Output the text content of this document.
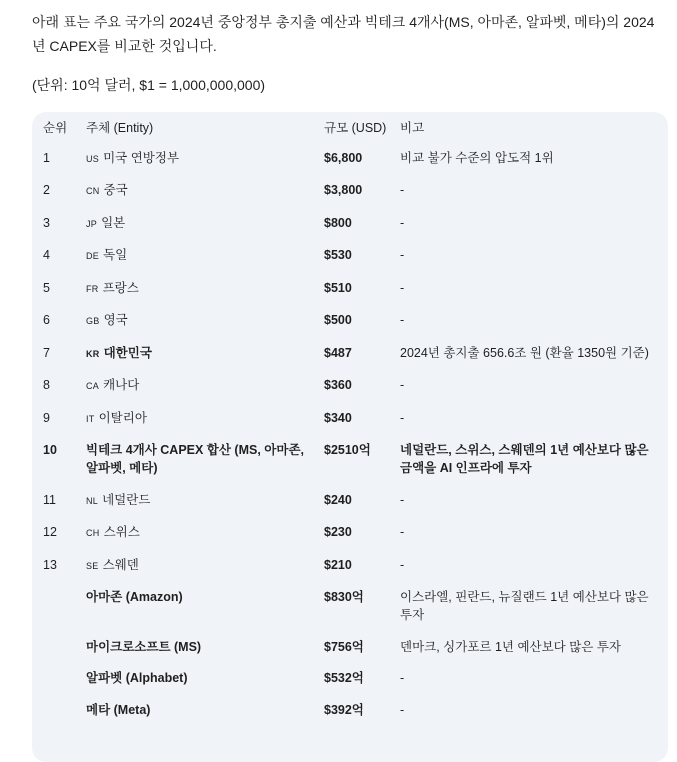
아래 표는 주요 국가의 2024년 중앙정부 총지출 예산과 빅테크 4개사(MS, 아마존, 알파벳, 메타)의 2024년 CAPEX를 비교한 것입니다.

(단위: 10억 달러, $1 = 1,000,000,000)

순위	주체 (Entity)	규모 (USD)	비고
1	US 미국 연방정부	$6,800	비교 불가 수준의 압도적 1위
2	CN 중국	$3,800	-
3	JP 일본	$800	-
4	DE 독일	$530	-
5	FR 프랑스	$510	-
6	GB 영국	$500	-
7	KR 대한민국	$487	2024년 총지출 656.6조 원 (환율 1350원 기준)
8	CA 캐나다	$360	-
9	IT 이탈리아	$340	-
10	빅테크 4개사 CAPEX 합산 (MS, 아마존, 알파벳, 메타)	$2510억	네덜란드, 스위스, 스웨덴의 1년 예산보다 많은 금액을 AI 인프라에 투자
11	NL 네덜란드	$240	-
12	CH 스위스	$230	-
13	SE 스웨덴	$210	-
	아마존 (Amazon)	$830억	이스라엘, 핀란드, 뉴질랜드 1년 예산보다 많은 투자
	마이크로소프트 (MS)	$756억	덴마크, 싱가포르 1년 예산보다 많은 투자
	알파벳 (Alphabet)	$532억	-
	메타 (Meta)	$392억	-
